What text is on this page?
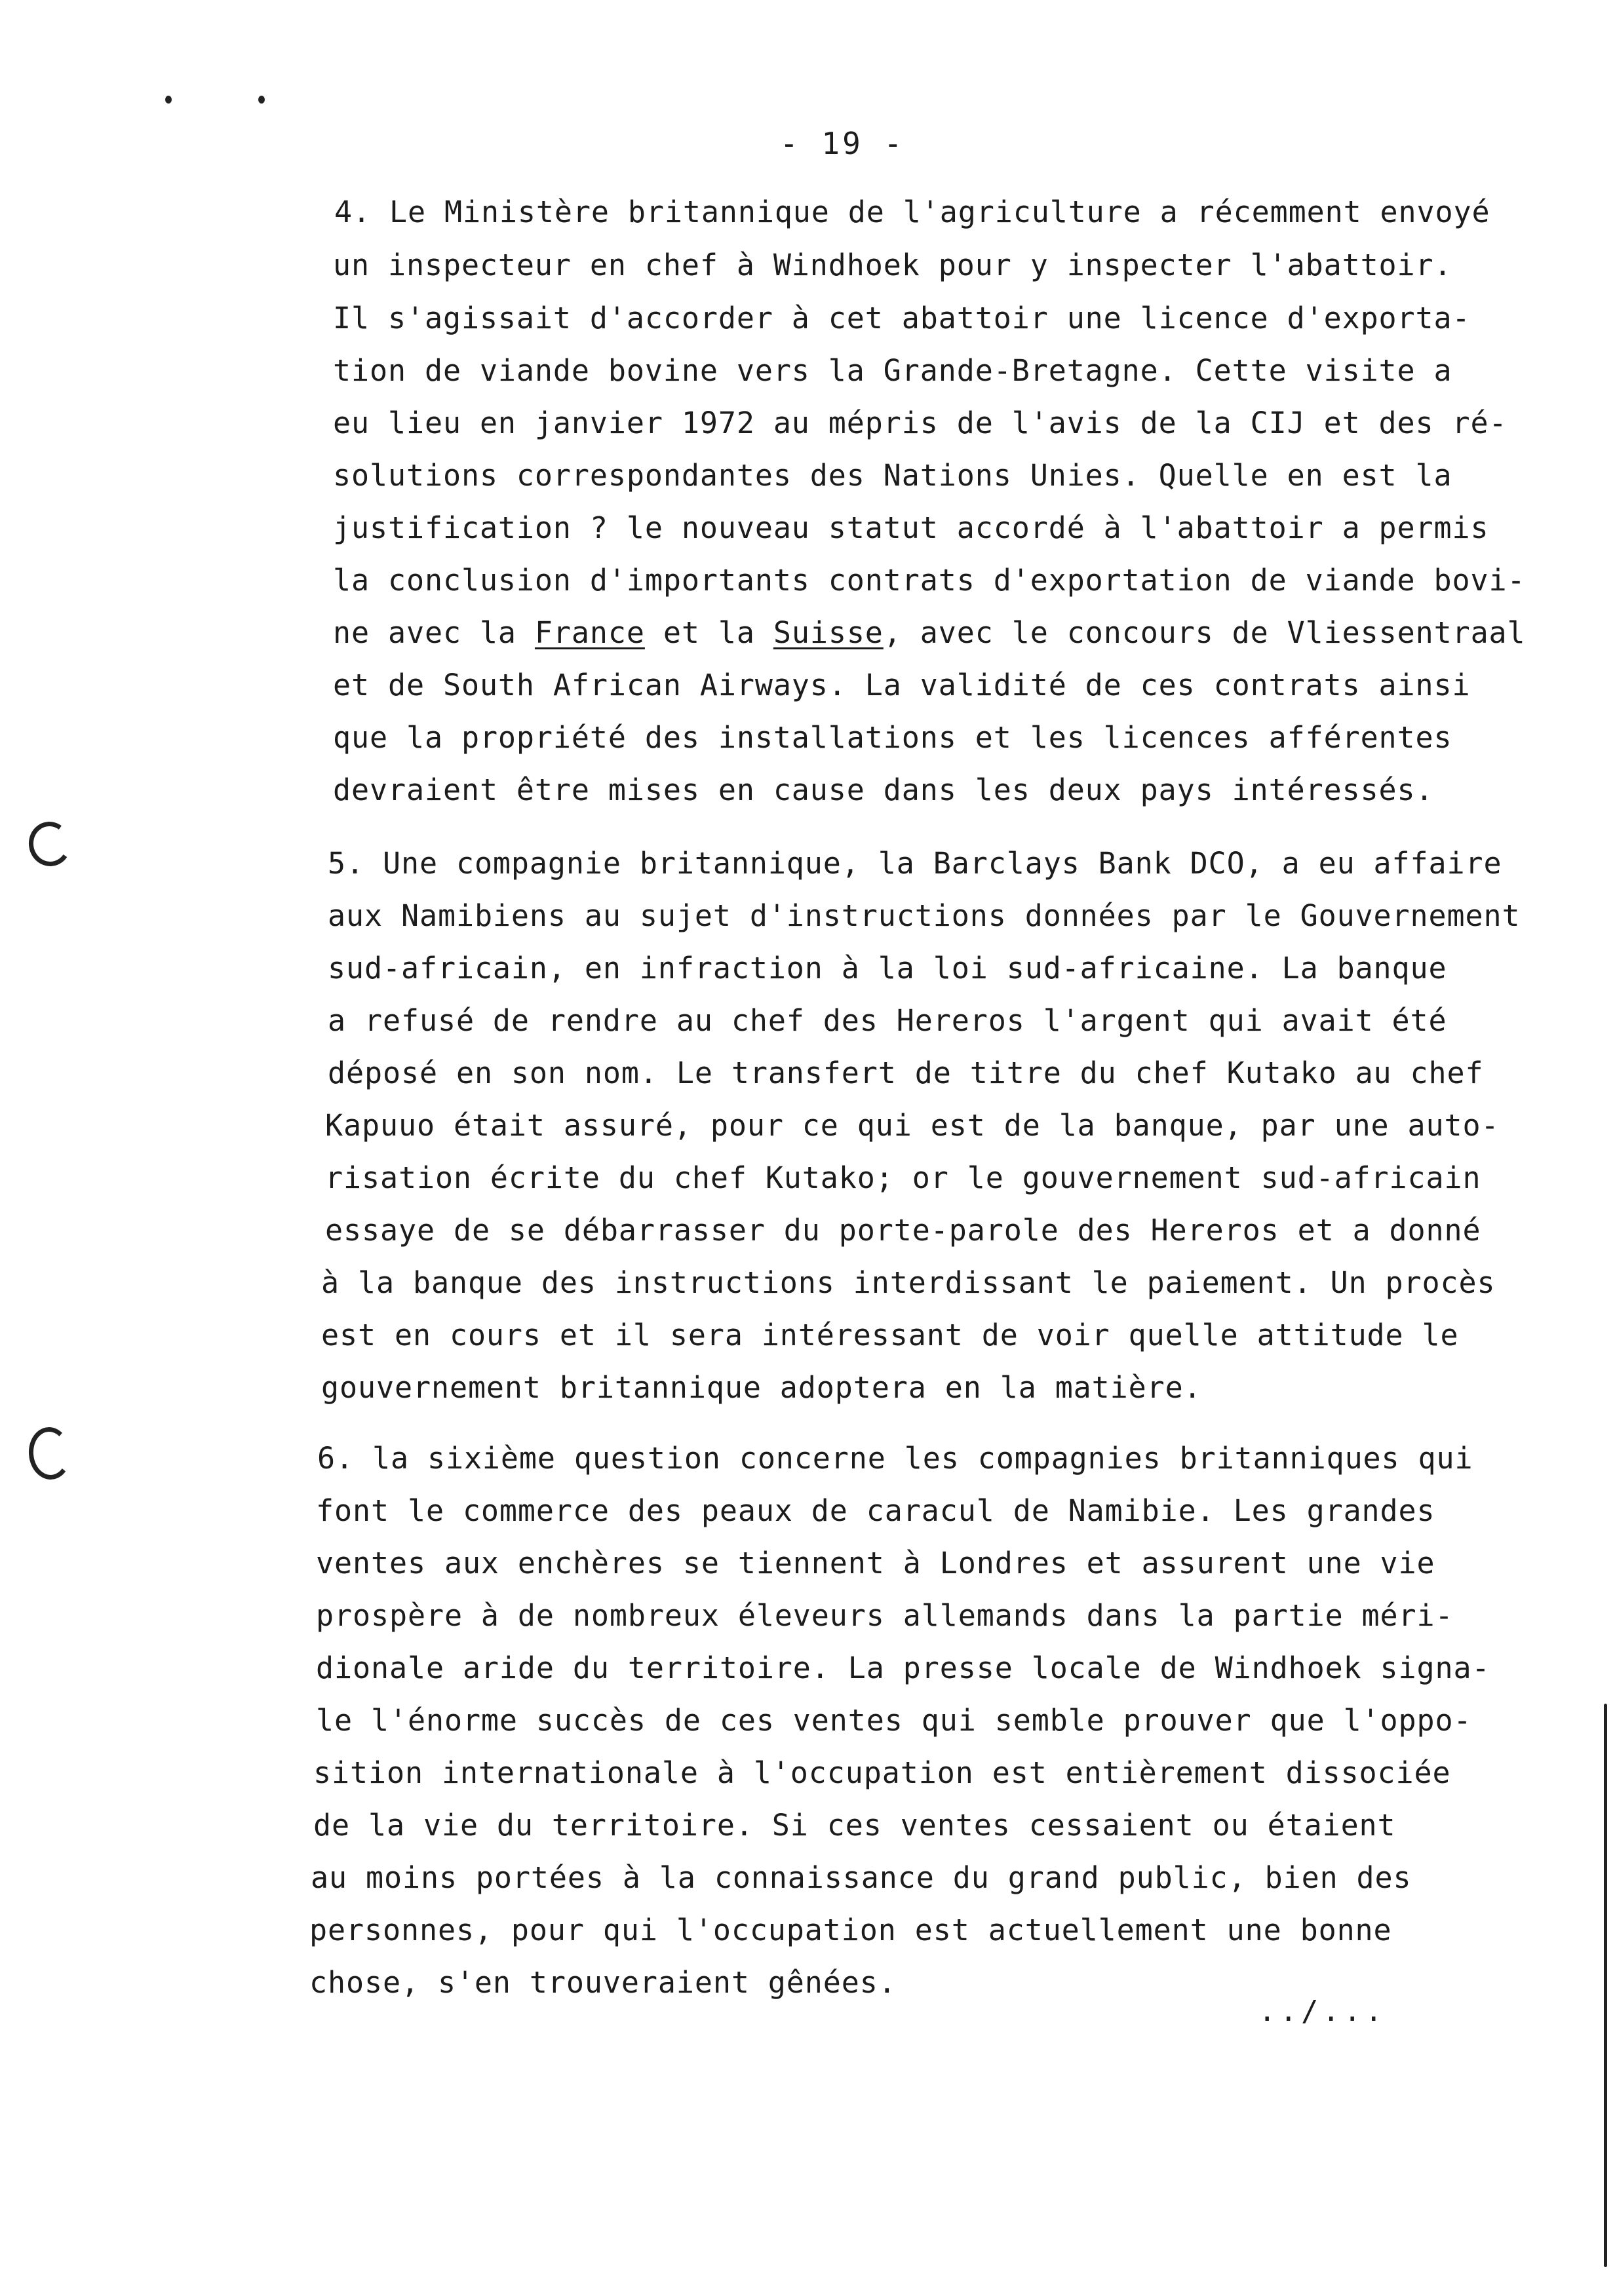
- 19 -
4. Le Ministère britannique de l'agriculture a récemment envoyé
un inspecteur en chef à Windhoek pour y inspecter l'abattoir.
Il s'agissait d'accorder à cet abattoir une licence d'exporta-
tion de viande bovine vers la Grande-Bretagne. Cette visite a
eu lieu en janvier 1972 au mépris de l'avis de la CIJ et des ré-
solutions correspondantes des Nations Unies. Quelle en est la
justification ? le nouveau statut accordé à l'abattoir a permis
la conclusion d'importants contrats d'exportation de viande bovi-
ne avec la France et la Suisse, avec le concours de Vliessentraal
et de South African Airways. La validité de ces contrats ainsi
que la propriété des installations et les licences afférentes
devraient être mises en cause dans les deux pays intéressés.
5. Une compagnie britannique, la Barclays Bank DCO, a eu affaire
aux Namibiens au sujet d'instructions données par le Gouvernement
sud-africain, en infraction à la loi sud-africaine. La banque
a refusé de rendre au chef des Hereros l'argent qui avait été
déposé en son nom. Le transfert de titre du chef Kutako au chef
Kapuuo était assuré, pour ce qui est de la banque, par une auto-
risation écrite du chef Kutako; or le gouvernement sud-africain
essaye de se débarrasser du porte-parole des Hereros et a donné
à la banque des instructions interdissant le paiement. Un procès
est en cours et il sera intéressant de voir quelle attitude le
gouvernement britannique adoptera en la matière.
6. la sixième question concerne les compagnies britanniques qui
font le commerce des peaux de caracul de Namibie. Les grandes
ventes aux enchères se tiennent à Londres et assurent une vie
prospère à de nombreux éleveurs allemands dans la partie méri-
dionale aride du territoire. La presse locale de Windhoek signa-
le l'énorme succès de ces ventes qui semble prouver que l'oppo-
sition internationale à l'occupation est entièrement dissociée
de la vie du territoire. Si ces ventes cessaient ou étaient
au moins portées à la connaissance du grand public, bien des
personnes, pour qui l'occupation est actuellement une bonne
chose, s'en trouveraient gênées.
../...
